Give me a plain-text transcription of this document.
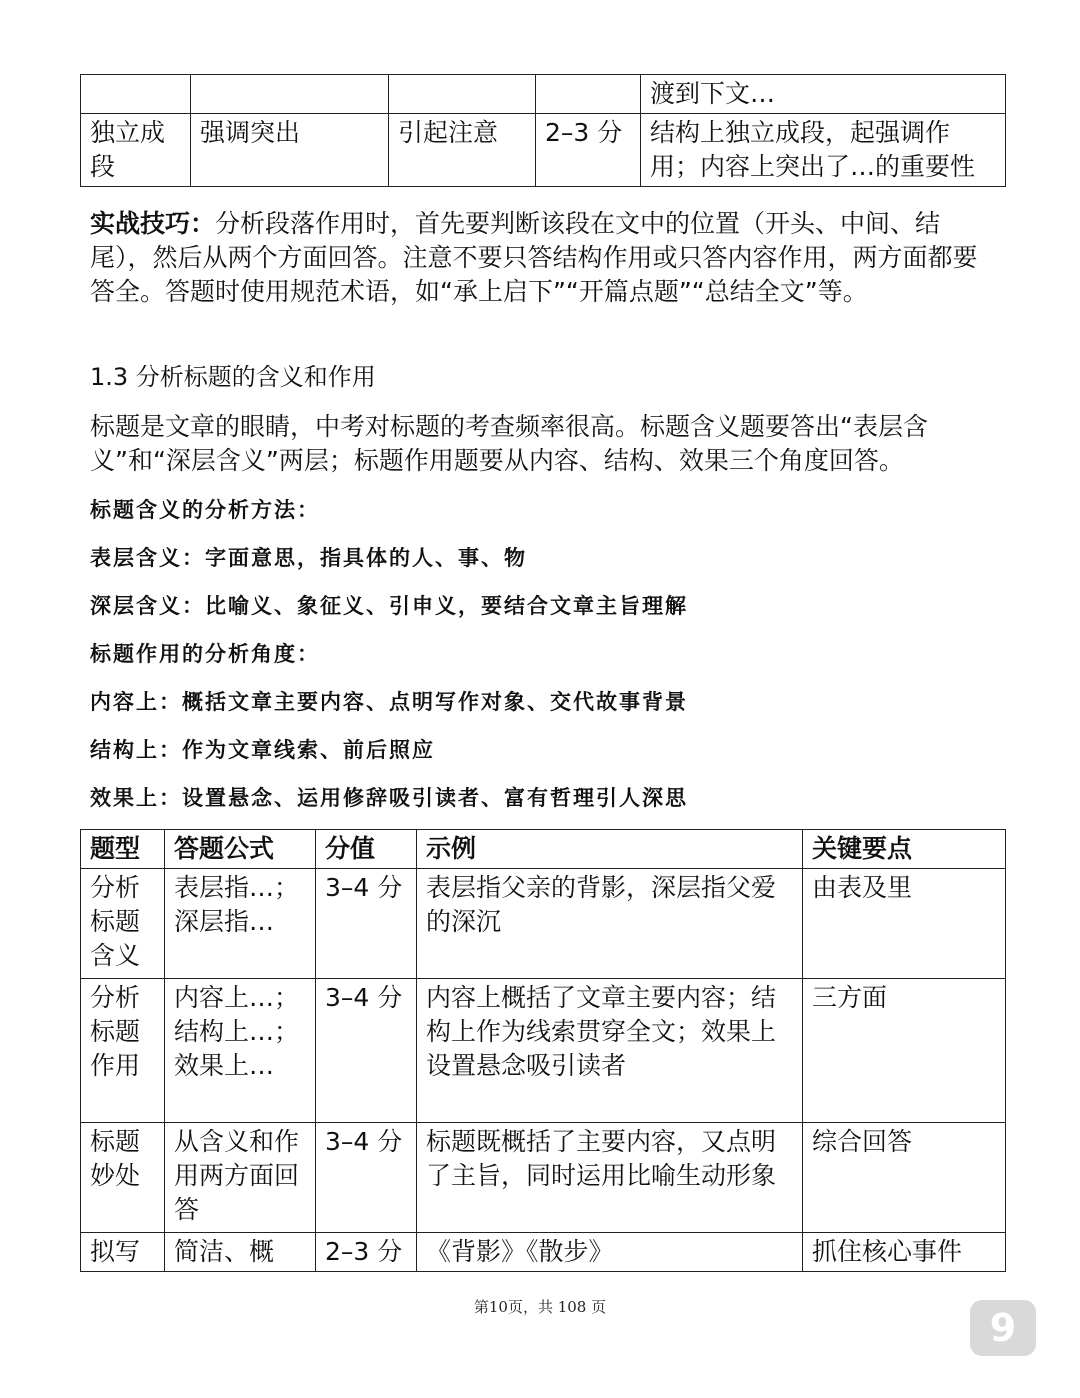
				渡到下文…
独立成段	强调突出	引起注意	2–3 分	结构上独立成段，起强调作用；内容上突出了…的重要性

实战技巧：分析段落作用时，首先要判断该段在文中的位置（开头、中间、结尾），然后从两个方面回答。注意不要只答结构作用或只答内容作用，两方面都要答全。答题时使用规范术语，如“承上启下”“开篇点题”“总结全文”等。

1.3 分析标题的含义和作用

标题是文章的眼睛，中考对标题的考查频率很高。标题含义题要答出“表层含义”和“深层含义”两层；标题作用题要从内容、结构、效果三个角度回答。

标题含义的分析方法：

表层含义：字面意思，指具体的人、事、物

深层含义：比喻义、象征义、引申义，要结合文章主旨理解

标题作用的分析角度：

内容上：概括文章主要内容、点明写作对象、交代故事背景

结构上：作为文章线索、前后照应

效果上：设置悬念、运用修辞吸引读者、富有哲理引人深思

题型	答题公式	分值	示例	关键要点
分析标题含义	表层指…；深层指…	3–4 分	表层指父亲的背影，深层指父爱的深沉	由表及里
分析标题作用	内容上…；结构上…；效果上…	3–4 分	内容上概括了文章主要内容；结构上作为线索贯穿全文；效果上设置悬念吸引读者	三方面
标题妙处	从含义和作用两方面回答	3–4 分	标题既概括了主要内容，又点明了主旨，同时运用比喻生动形象	综合回答
拟写	简洁、概	2–3 分	《背影》《散步》	抓住核心事件
第10页，共 108 页	9
